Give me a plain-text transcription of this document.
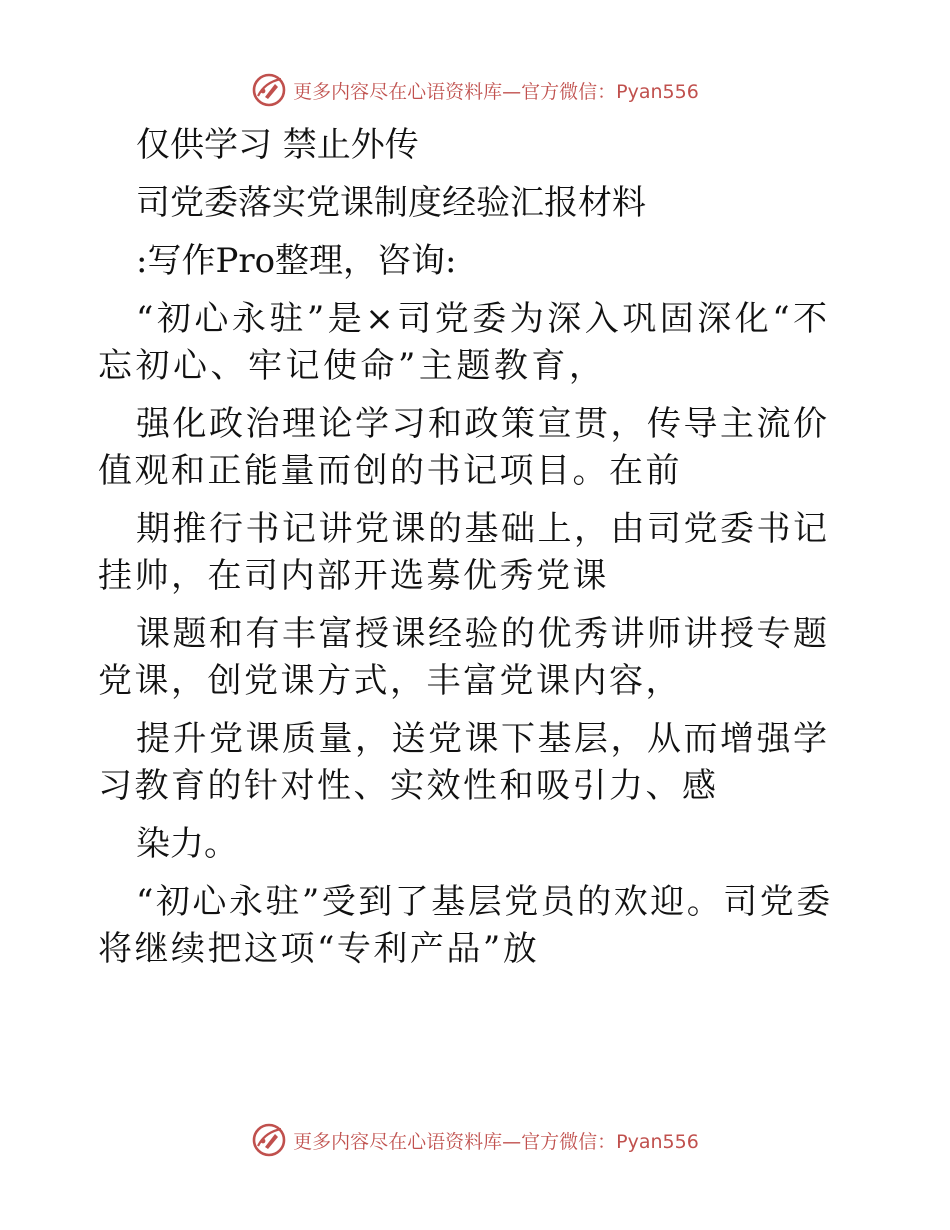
更多内容尽在心语资料库—官方微信：Pyan556

仅供学习 禁止外传

司党委落实党课制度经验汇报材料

:写作Pro整理，咨询:

“初心永驻”是×司党委为深入巩固深化“不忘初心、牢记使命”主题教育，

强化政治理论学习和政策宣贯，传导主流价值观和正能量而创的书记项目。在前

期推行书记讲党课的基础上，由司党委书记挂帅，在司内部开选募优秀党课

课题和有丰富授课经验的优秀讲师讲授专题党课，创党课方式，丰富党课内容，

提升党课质量，送党课下基层，从而增强学习教育的针对性、实效性和吸引力、感

染力。

“初心永驻”受到了基层党员的欢迎。司党委将继续把这项“专利产品”放

更多内容尽在心语资料库—官方微信：Pyan556
